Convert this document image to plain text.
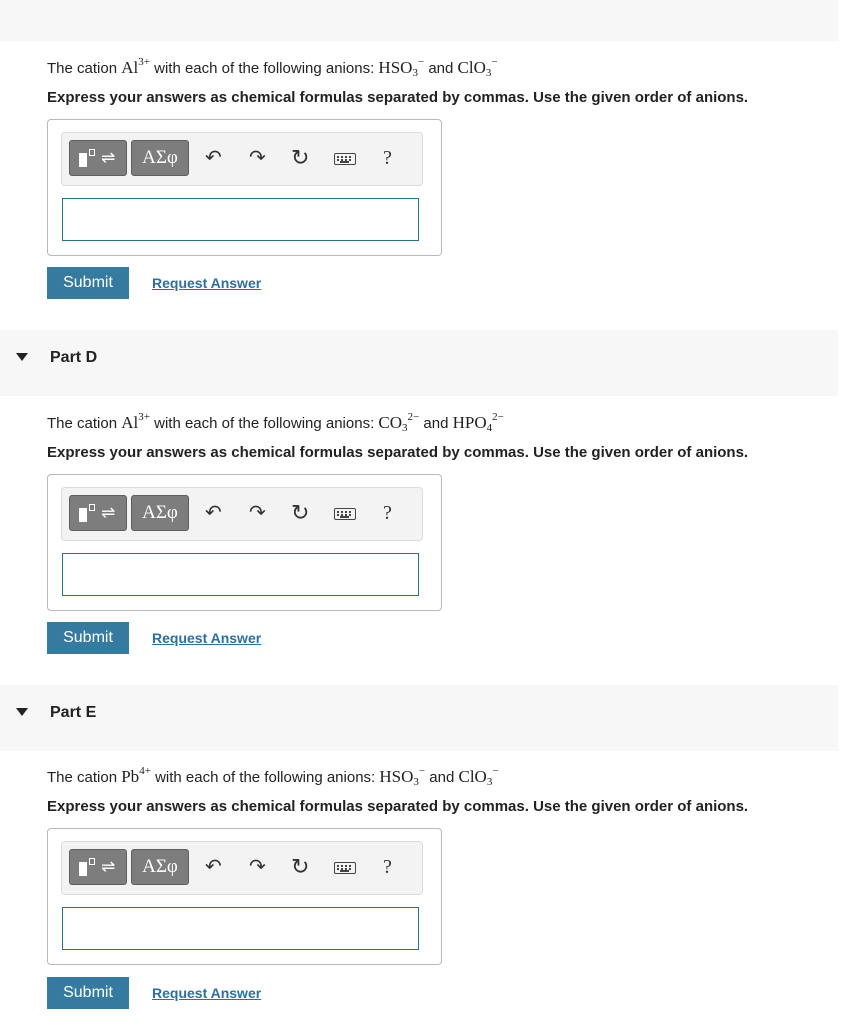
The cation $Al^{3+}$ with each of the following anions: $HSO_3^-$ and ClO$_3$−
Express your answers as chemical formulas separated by commas. Use the given order of anions.
⇌	ΑΣφ	↶ ↷ ↻	?
Submit	Request Answer
Part D
The cation $Al^{3+}$ with each of the following anions: $CO_3^{2-}$ and $HPO_4^{2-}$
Express your answers as chemical formulas separated by commas. Use the given order of anions.
⇌	ΑΣφ	↶ ↷ ↻	?
Submit	Request Answer
Part E
The cation $Pb^{4+}$ with each of the following anions: $HSO_3^-$ and ClO$_3$−
Express your answers as chemical formulas separated by commas. Use the given order of anions.
⇌	ΑΣφ	↶ ↷ ↻	?
Submit	Request Answer
